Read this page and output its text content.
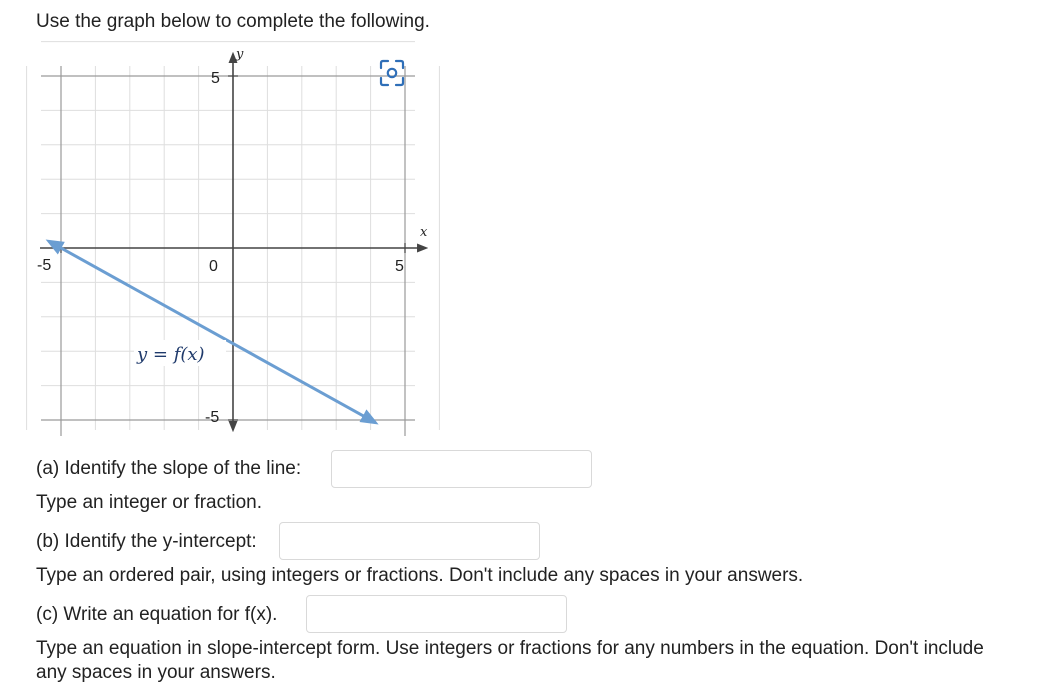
Use the graph below to complete the following.
x
y
-5	0	5
5
-5
y = f(x)
(a) Identify the slope of the line:
Type an integer or fraction.
(b) Identify the y-intercept:
Type an ordered pair, using integers or fractions. Don't include any spaces in your answers.
(c) Write an equation for f(x).
Type an equation in slope-intercept form. Use integers or fractions for any numbers in the equation. Don't include
any spaces in your answers.
